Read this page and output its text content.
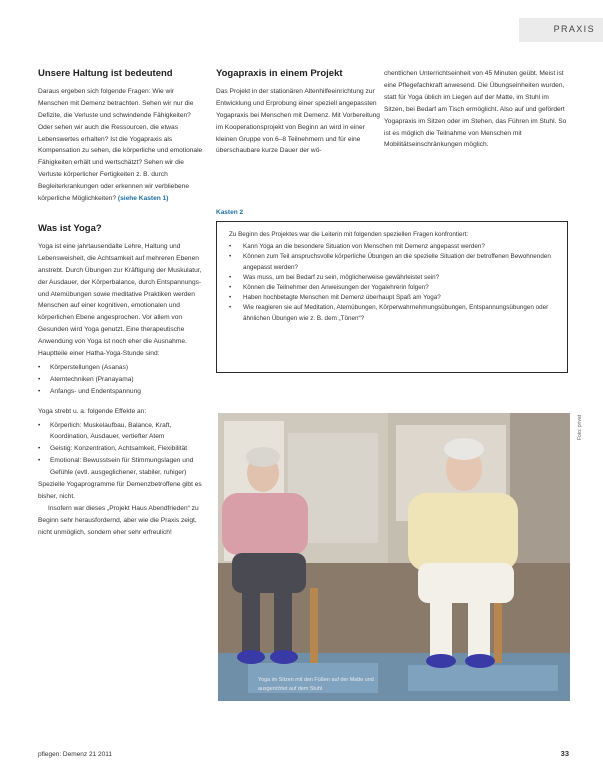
PRAXIS

Unsere Haltung ist bedeutend

Daraus ergeben sich folgende Fragen: Wie wir Menschen mit Demenz betrachten. Sehen wir nur die Defizite, die Verluste und schwindende Fähigkeiten? Oder sehen wir auch die Ressourcen, die etwas Lebenswertes erhalten? Ist die Yogapraxis als Kompensation zu sehen, die körperliche und emotionale Fähigkeiten erhält und wertschätzt? Sehen wir die Verluste körperlicher Fertigkeiten z. B. durch Begleiterkrankungen oder erkennen wir verbliebene körperliche Möglichkeiten? (siehe Kasten 1)

Was ist Yoga?

Yoga ist eine jahrtausendalte Lehre, Haltung und Lebensweisheit, die Achtsamkeit auf mehreren Ebenen anstrebt. Durch Übungen zur Kräftigung der Muskulatur, der Ausdauer, der Körperbalance, durch Entspannungs- und Atemübungen sowie meditative Praktiken werden Menschen auf einer kognitiven, emotionalen und körperlichen Ebene angesprochen. Vor allem von Gesunden wird Yoga genutzt. Eine therapeutische Anwendung von Yoga ist noch eher die Ausnahme.

Hauptteile einer Hatha-Yoga-Stunde sind:

• Körperstellungen (Asanas)
• Atemtechniken (Pranayama)
• Anfangs- und Endentspannung

Yoga strebt u. a. folgende Effekte an:

• Körperlich: Muskelaufbau, Balance, Kraft, Koordination, Ausdauer, vertiefter Atem
• Geistig: Konzentration, Achtsamkeit, Flexibilität
• Emotional: Bewusstsein für Stimmungslagen und Gefühle (evtl. ausgeglichener, stabiler, ruhiger)

Spezielle Yogaprogramme für Demenzbetroffene gibt es bisher, nicht.

Insofern war dieses „Projekt Haus Abendfrieden“ zu Beginn sehr herausfordernd, aber wie die Praxis zeigt, nicht unmöglich, sondern eher sehr erfreulich!

Yogapraxis in einem Projekt

Das Projekt in der stationären Altenhilfeeinrichtung zur Entwicklung und Erprobung einer speziell angepassten Yogapraxis bei Menschen mit Demenz. Mit Vorbereitung im Kooperationsprojekt von Beginn an wird in einer kleinen Gruppe von 6–8 Teilnehmern und für eine überschaubare kurze Dauer der wö-

chentlichen Unterrichtseinheit von 45 Minuten geübt. Meist ist eine Pflegefachkraft anwesend. Die Übungseinheiten wurden, statt für Yoga üblich im Liegen auf der Matte, im Stuhl im Sitzen, bei Bedarf am Tisch ermöglicht. Also auf und gefördert Yogapraxis im Sitzen oder im Stehen, das Führen im Stuhl. So ist es möglich die Teilnahme von Menschen mit Mobilitätseinschränkungen möglich.

Kasten 2

Zu Beginn des Projektes war die Leiterin mit folgenden speziellen Fragen konfrontiert:

• Kann Yoga an die besondere Situation von Menschen mit Demenz angepasst werden?
• Können zum Teil anspruchsvolle körperliche Übungen an die spezielle Situation der betroffenen Bewohnenden angepasst werden?
• Was muss, um bei Bedarf zu sein, möglicherweise gewährleistet sein?
• Können die Teilnehmer den Anweisungen der Yogalehrerin folgen?
• Haben hochbetagte Menschen mit Demenz überhaupt Spaß am Yoga?
• Wie reagieren sie auf Meditation, Atemübungen, Körperwahrnehmungsübungen, Entspannungsübungen oder ähnlichen Übungen wie z. B. dem „Tönen“?
Foto: privat
Yoga im Sitzen mit den Füßen auf der Matte und ausgerichtet auf dem Stuhl
pflegen: Demenz 21 2011	33
